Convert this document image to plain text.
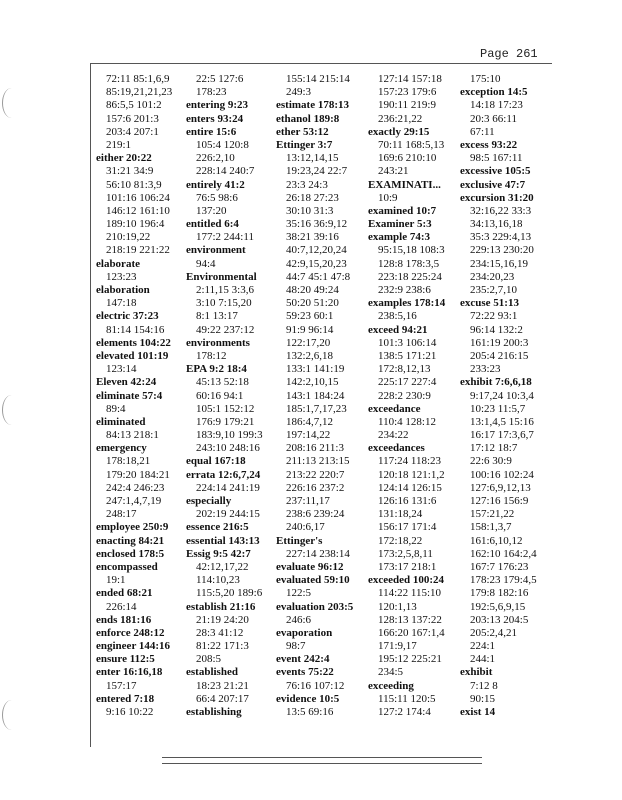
Page 261
72:11 85:1,6,9
85:19,21,21,23
86:5,5 101:2
157:6 201:3
203:4 207:1
219:1
either 20:22
31:21 34:9
56:10 81:3,9
101:16 106:24
146:12 161:10
189:10 196:4
210:19,22
218:19 221:22
elaborate
123:23
elaboration
147:18
electric 37:23
81:14 154:16
elements 104:22
elevated 101:19
123:14
Eleven 42:24
eliminate 57:4
89:4
eliminated
84:13 218:1
emergency
178:18,21
179:20 184:21
242:4 246:23
247:1,4,7,19
248:17
employee 250:9
enacting 84:21
enclosed 178:5
encompassed
19:1
ended 68:21
226:14
ends 181:16
enforce 248:12
engineer 144:16
ensure 112:5
enter 16:16,18
157:17
entered 7:18
9:16 10:22
22:5 127:6
178:23
entering 9:23
enters 93:24
entire 15:6
105:4 120:8
226:2,10
228:14 240:7
entirely 41:2
76:5 98:6
137:20
entitled 6:4
177:2 244:11
environment
94:4
Environmental
2:11,15 3:3,6
3:10 7:15,20
8:1 13:17
49:22 237:12
environments
178:12
EPA 9:2 18:4
45:13 52:18
60:16 94:1
105:1 152:12
176:9 179:21
183:9,10 199:3
243:10 248:16
equal 167:18
errata 12:6,7,24
224:14 241:19
especially
202:19 244:15
essence 216:5
essential 143:13
Essig 9:5 42:7
42:12,17,22
114:10,23
115:5,20 189:6
establish 21:16
21:19 24:20
28:3 41:12
81:22 171:3
208:5
established
18:23 21:21
66:4 207:17
establishing
155:14 215:14
249:3
estimate 178:13
ethanol 189:8
ether 53:12
Ettinger 3:7
13:12,14,15
19:23,24 22:7
23:3 24:3
26:18 27:23
30:10 31:3
35:16 36:9,12
38:21 39:16
40:7,12,20,24
42:9,15,20,23
44:7 45:1 47:8
48:20 49:24
50:20 51:20
59:23 60:1
91:9 96:14
122:17,20
132:2,6,18
133:1 141:19
142:2,10,15
143:1 184:24
185:1,7,17,23
186:4,7,12
197:14,22
208:16 211:3
211:13 213:15
213:22 220:7
226:16 237:2
237:11,17
238:6 239:24
240:6,17
Ettinger's
227:14 238:14
evaluate 96:12
evaluated 59:10
122:5
evaluation 203:5
246:6
evaporation
98:7
event 242:4
events 75:22
76:16 107:12
evidence 10:5
13:5 69:16
127:14 157:18
157:23 179:6
190:11 219:9
236:21,22
exactly 29:15
70:11 168:5,13
169:6 210:10
243:21
EXAMINATI...
10:9
examined 10:7
Examiner 5:3
example 74:3
95:15,18 108:3
128:8 178:3,5
223:18 225:24
232:9 238:6
examples 178:14
238:5,16
exceed 94:21
101:3 106:14
138:5 171:21
172:8,12,13
225:17 227:4
228:2 230:9
exceedance
110:4 128:12
234:22
exceedances
117:24 118:23
120:18 121:1,2
124:14 126:15
126:16 131:6
131:18,24
156:17 171:4
172:18,22
173:2,5,8,11
173:17 218:1
exceeded 100:24
114:22 115:10
120:1,13
128:13 137:22
166:20 167:1,4
171:9,17
195:12 225:21
234:5
exceeding
115:11 120:5
127:2 174:4
175:10
exception 14:5
14:18 17:23
20:3 66:11
67:11
excess 93:22
98:5 167:11
excessive 105:5
exclusive 47:7
excursion 31:20
32:16,22 33:3
34:13,16,18
35:3 229:4,13
229:13 230:20
234:15,16,19
234:20,23
235:2,7,10
excuse 51:13
72:22 93:1
96:14 132:2
161:19 200:3
205:4 216:15
233:23
exhibit 7:6,6,18
9:17,24 10:3,4
10:23 11:5,7
13:1,4,5 15:16
16:17 17:3,6,7
17:12 18:7
22:6 30:9
100:16 102:24
127:6,9,12,13
127:16 156:9
157:21,22
158:1,3,7
161:6,10,12
162:10 164:2,4
167:7 176:23
178:23 179:4,5
179:8 182:16
192:5,6,9,15
203:13 204:5
205:2,4,21
224:1
244:1
exhibit
7:12 8
90:15
exist 14
